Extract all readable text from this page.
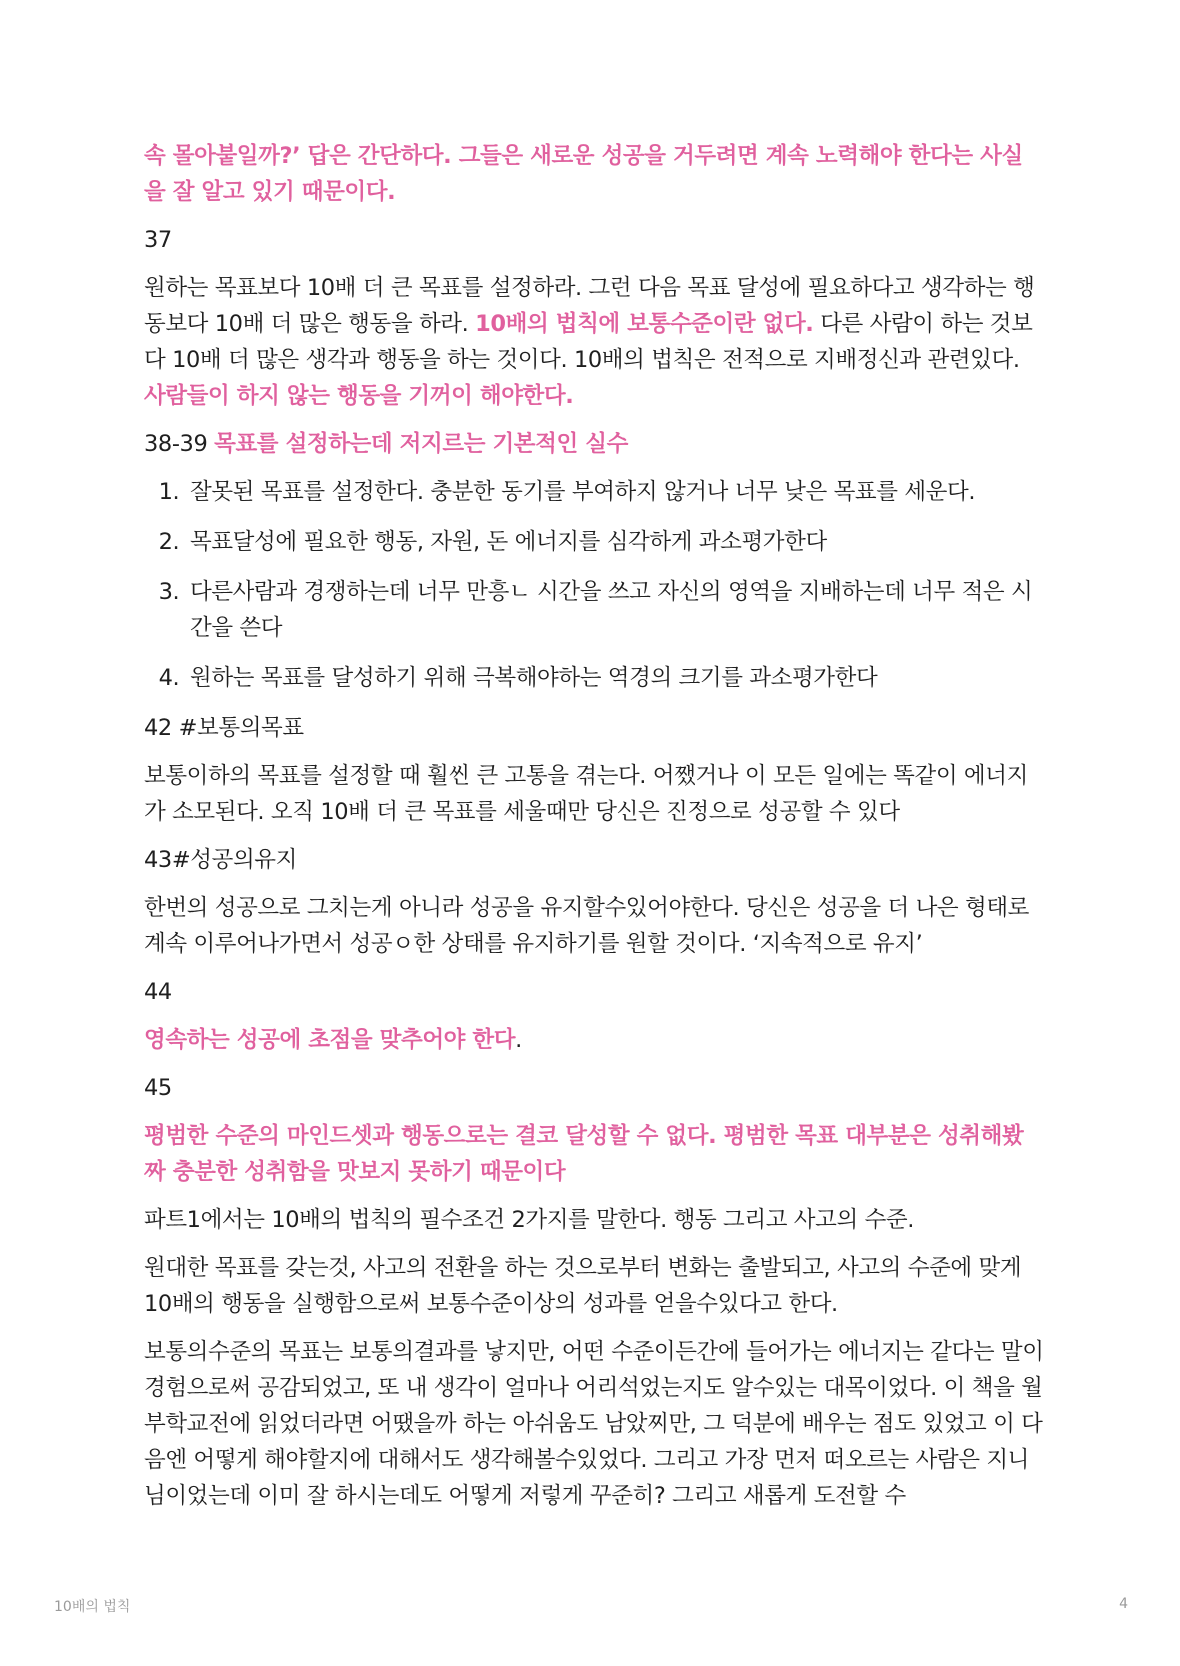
속 몰아붙일까?’ 답은 간단하다. 그들은 새로운 성공을 거두려면 계속 노력해야 한다는 사실을 잘 알고 있기 때문이다.

37

원하는 목표보다 10배 더 큰 목표를 설정하라. 그런 다음 목표 달성에 필요하다고 생각하는 행동보다 10배 더 많은 행동을 하라. 10배의 법칙에 보통수준이란 없다. 다른 사람이 하는 것보다 10배 더 많은 생각과 행동을 하는 것이다. 10배의 법칙은 전적으로 지배정신과 관련있다. 사람들이 하지 않는 행동을 기꺼이 해야한다.

38-39 목표를 설정하는데 저지르는 기본적인 실수

1. 잘못된 목표를 설정한다. 충분한 동기를 부여하지 않거나 너무 낮은 목표를 세운다.
2. 목표달성에 필요한 행동, 자원, 돈 에너지를 심각하게 과소평가한다
3. 다른사람과 경쟁하는데 너무 만흥ㄴ 시간을 쓰고 자신의 영역을 지배하는데 너무 적은 시간을 쓴다
4. 원하는 목표를 달성하기 위해 극복해야하는 역경의 크기를 과소평가한다

42 #보통의목표

보통이하의 목표를 설정할 때 훨씬 큰 고통을 겪는다. 어쨌거나 이 모든 일에는 똑같이 에너지가 소모된다. 오직 10배 더 큰 목표를 세울때만 당신은 진정으로 성공할 수 있다

43#성공의유지

한번의 성공으로 그치는게 아니라 성공을 유지할수있어야한다. 당신은 성공을 더 나은 형태로 계속 이루어나가면서 성공ㅇ한 상태를 유지하기를 원할 것이다. ‘지속적으로 유지’

44

영속하는 성공에 초점을 맞추어야 한다.

45

평범한 수준의 마인드셋과 행동으로는 결코 달성할 수 없다. 평범한 목표 대부분은 성취해봤짜 충분한 성취함을 맛보지 못하기 때문이다

파트1에서는 10배의 법칙의 필수조건 2가지를 말한다. 행동 그리고 사고의 수준.

원대한 목표를 갖는것, 사고의 전환을 하는 것으로부터 변화는 출발되고, 사고의 수준에 맞게 10배의 행동을 실행함으로써 보통수준이상의 성과를 얻을수있다고 한다.

보통의수준의 목표는 보통의결과를 낳지만, 어떤 수준이든간에 들어가는 에너지는 같다는 말이 경험으로써 공감되었고, 또 내 생각이 얼마나 어리석었는지도 알수있는 대목이었다. 이 책을 월부학교전에 읽었더라면 어땠을까 하는 아쉬움도 남았찌만, 그 덕분에 배우는 점도 있었고 이 다음엔 어떻게 해야할지에 대해서도 생각해볼수있었다. 그리고 가장 먼저 떠오르는 사람은 지니님이었는데 이미 잘 하시는데도 어떻게 저렇게 꾸준히? 그리고 새롭게 도전할 수

10배의 법칙	4
